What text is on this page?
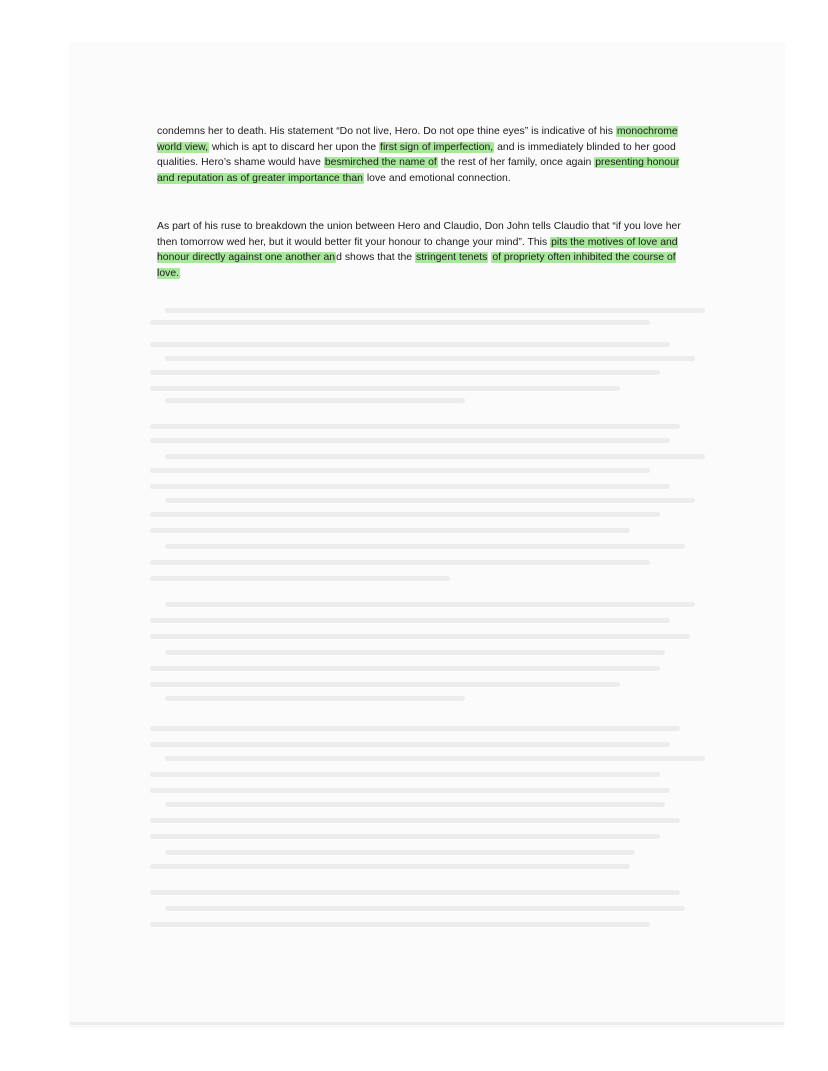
condemns her to death. His statement “Do not live, Hero. Do not ope thine eyes” is indicative of his monochrome world view, which is apt to discard her upon the first sign of imperfection, and is immediately blinded to her good qualities. Hero’s shame would have besmirched the name of the rest of her family, once again presenting honour and reputation as of greater importance than love and emotional connection.

As part of his ruse to breakdown the union between Hero and Claudio, Don John tells Claudio that “if you love her then tomorrow wed her, but it would better fit your honour to change your mind”. This pits the motives of love and honour directly against one another and shows that the stringent tenets of propriety often inhibited the course of love.
